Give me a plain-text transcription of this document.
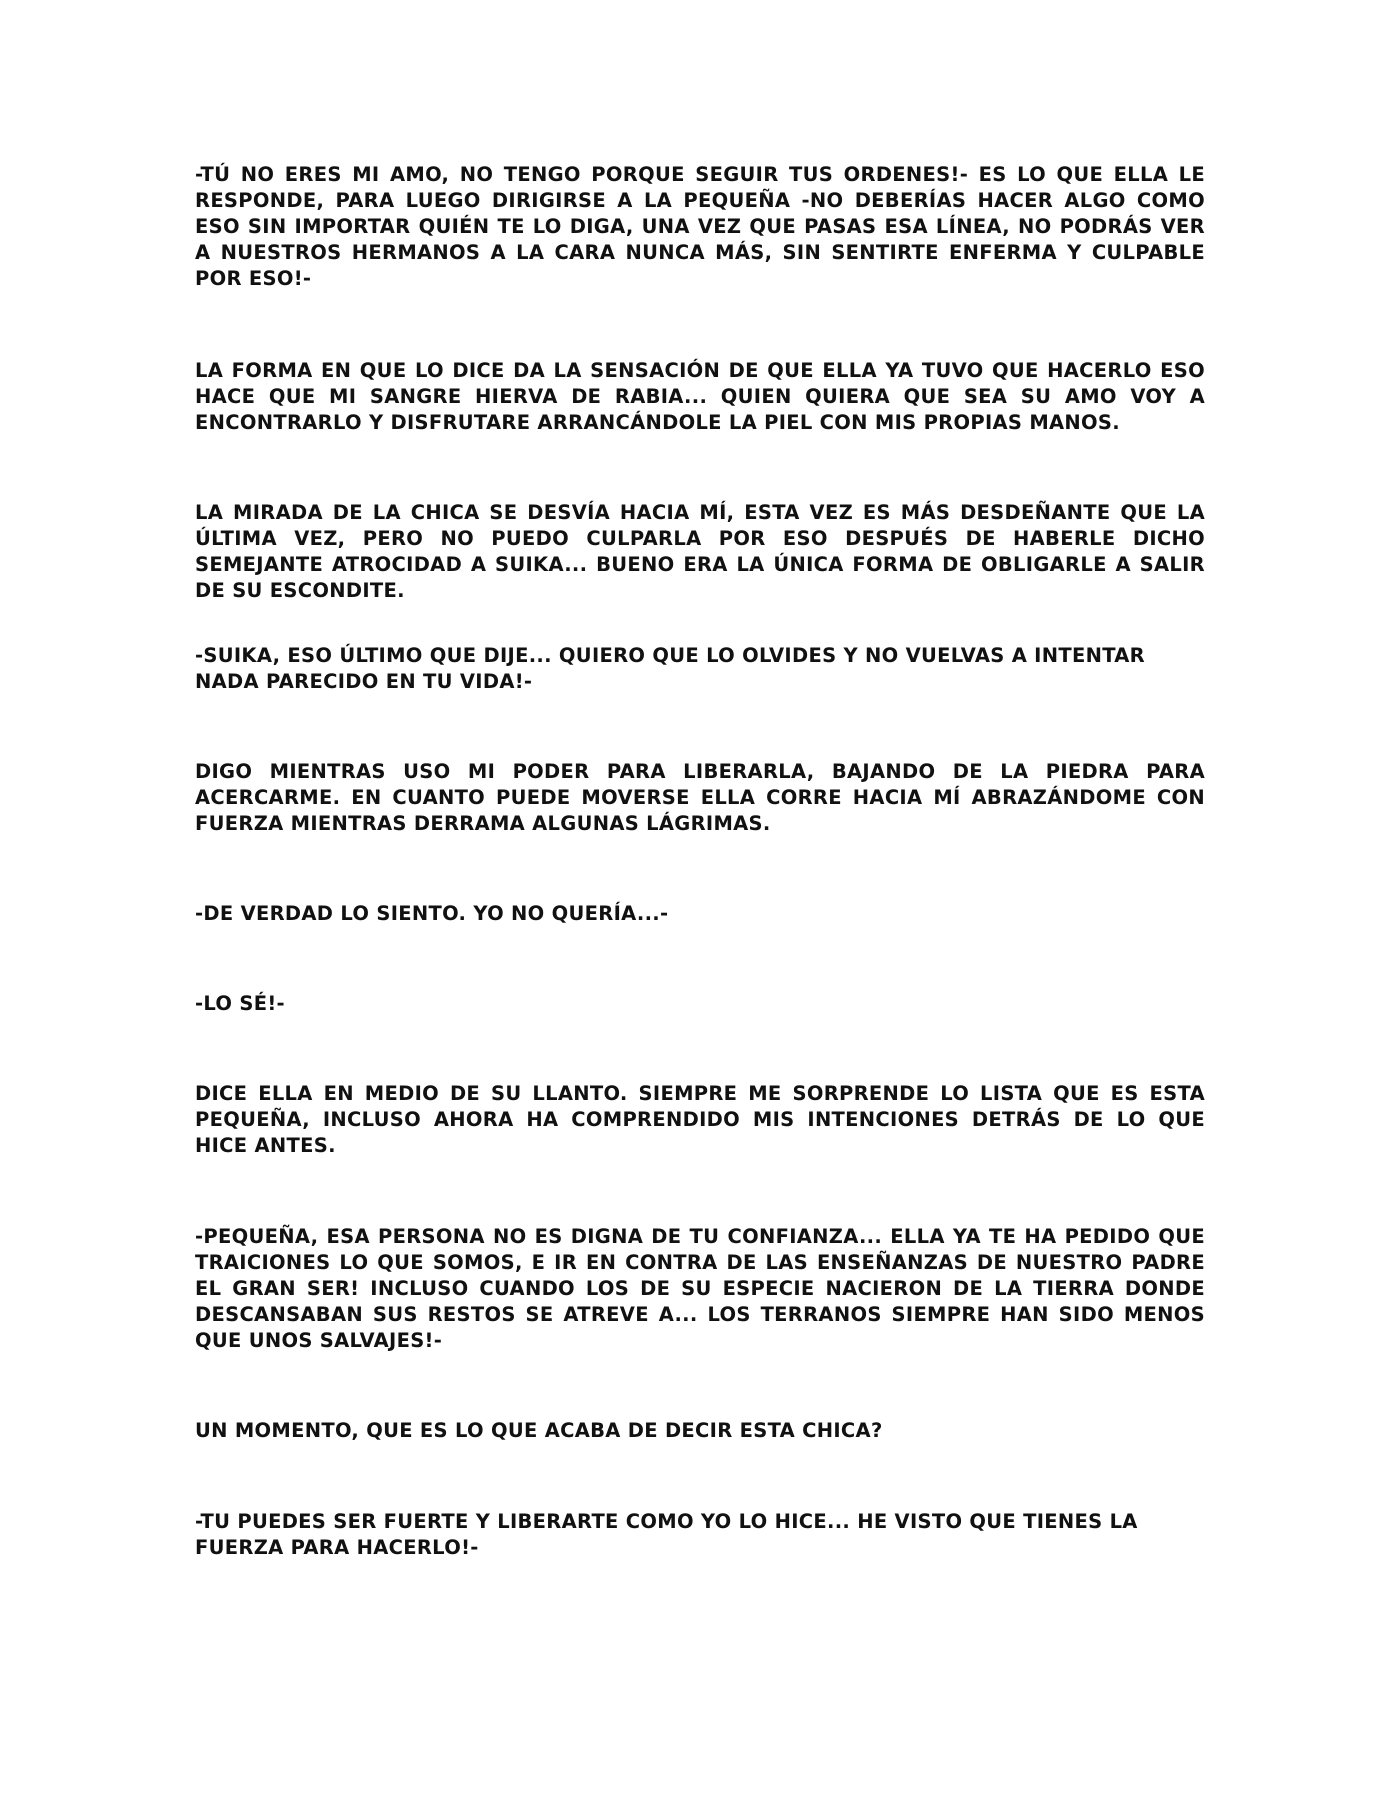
-TÚ NO ERES MI AMO, NO TENGO PORQUE SEGUIR TUS ORDENES!- ES LO QUE ELLA LE RESPONDE, PARA LUEGO DIRIGIRSE A LA PEQUEÑA -NO DEBERÍAS HACER ALGO COMO ESO SIN IMPORTAR QUIÉN TE LO DIGA, UNA VEZ QUE PASAS ESA LÍNEA, NO PODRÁS VER A NUESTROS HERMANOS A LA CARA NUNCA MÁS, SIN SENTIRTE ENFERMA Y CULPABLE POR ESO!-

LA FORMA EN QUE LO DICE DA LA SENSACIÓN DE QUE ELLA YA TUVO QUE HACERLO ESO HACE QUE MI SANGRE HIERVA DE RABIA... QUIEN QUIERA QUE SEA SU AMO VOY A ENCONTRARLO Y DISFRUTARE ARRANCÁNDOLE LA PIEL CON MIS PROPIAS MANOS.

LA MIRADA DE LA CHICA SE DESVÍA HACIA MÍ, ESTA VEZ ES MÁS DESDEÑANTE QUE LA ÚLTIMA VEZ, PERO NO PUEDO CULPARLA POR ESO DESPUÉS DE HABERLE DICHO SEMEJANTE ATROCIDAD A SUIKA... BUENO ERA LA ÚNICA FORMA DE OBLIGARLE A SALIR DE SU ESCONDITE.

-SUIKA, ESO ÚLTIMO QUE DIJE... QUIERO QUE LO OLVIDES Y NO VUELVAS A INTENTAR NADA PARECIDO EN TU VIDA!-

DIGO MIENTRAS USO MI PODER PARA LIBERARLA, BAJANDO DE LA PIEDRA PARA ACERCARME. EN CUANTO PUEDE MOVERSE ELLA CORRE HACIA MÍ ABRAZÁNDOME CON FUERZA MIENTRAS DERRAMA ALGUNAS LÁGRIMAS.

-DE VERDAD LO SIENTO. YO NO QUERÍA...-

-LO SÉ!-

DICE ELLA EN MEDIO DE SU LLANTO. SIEMPRE ME SORPRENDE LO LISTA QUE ES ESTA PEQUEÑA, INCLUSO AHORA HA COMPRENDIDO MIS INTENCIONES DETRÁS DE LO QUE HICE ANTES.

-PEQUEÑA, ESA PERSONA NO ES DIGNA DE TU CONFIANZA... ELLA YA TE HA PEDIDO QUE TRAICIONES LO QUE SOMOS, E IR EN CONTRA DE LAS ENSEÑANZAS DE NUESTRO PADRE EL GRAN SER! INCLUSO CUANDO LOS DE SU ESPECIE NACIERON DE LA TIERRA DONDE DESCANSABAN SUS RESTOS SE ATREVE A... LOS TERRANOS SIEMPRE HAN SIDO MENOS QUE UNOS SALVAJES!-

UN MOMENTO, QUE ES LO QUE ACABA DE DECIR ESTA CHICA?

-TU PUEDES SER FUERTE Y LIBERARTE COMO YO LO HICE... HE VISTO QUE TIENES LA FUERZA PARA HACERLO!-
